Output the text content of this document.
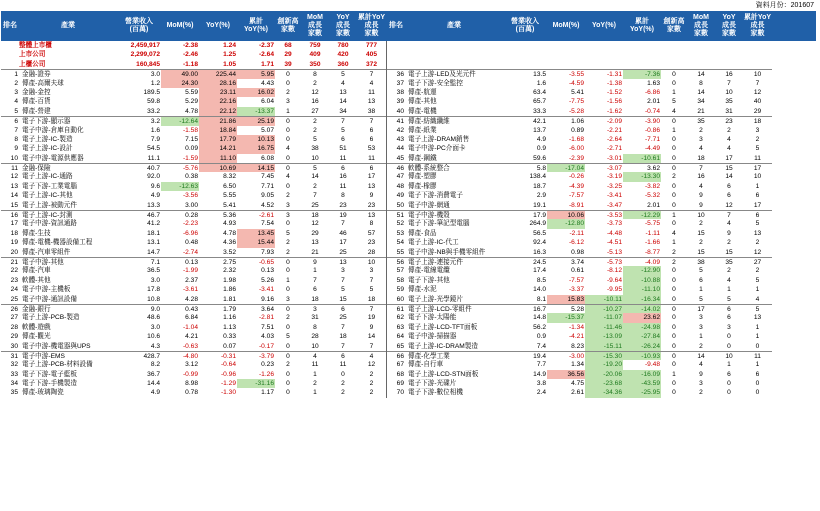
資料月份：201607
排名	產業
營業收入
(百萬)
MoM(%)	YoY(%)
累計
YoY(%)
創新高
家數
MoM
成長
家數
YoY
成長
家數
累計YoY
成長
家數
排名	產業
營業收入
(百萬)
MoM(%)	YoY(%)
累計
YoY(%)
創新高
家數
MoM
成長
家數
YoY
成長
家數
累計YoY
成長
家數
整體上市櫃	2,459,917	-2.38	1.24	-2.37	68	759	780	777
上市公司	2,299,072	-2.46	1.25	-2.64	29	409	420	405
上櫃公司	160,845	-1.18	1.05	1.71	39	350	360	372
1 金融-證券	3.0	49.00	225.44	5.95	0	8	5	7
2 傳產-高爾夫球	1.2	24.30	28.16	4.43	0	2	4	4
3 金融-金控	189.5	5.59	23.11	16.02	2	12	13	11
4 傳產-百貨	59.8	5.29	22.16	6.04	3	16	14	13
5 傳產-營建	33.2	4.78	22.12	-13.37	1	27	34	38
6 電子下游-顯示器	3.2	-12.64	21.86	25.19	0	2	7	7
7 電子中游-倉庫自動化	1.6	-1.58	18.84	5.07	0	2	5	6
8 電子上游-IC-製造	7.9	7.15	17.79	10.13	0	5	6	6
9 電子上游-IC-設計	54.5	0.09	14.21	16.75	4	38	51	53
10 電子中游-電源供應器	11.1	-1.59	11.10	6.08	0	10	11	11
11 金融-保險	40.7	-5.76	10.69	14.15	0	5	6	6
12 電子上游-IC-通路	92.0	0.38	8.32	7.45	4	14	16	17
13 電子下游-工業電腦	9.6	-12.63	6.50	7.71	0	2	11	13
14 電子上游-IC-其他	4.9	-3.56	5.55	9.05	2	7	8	9
15 電子上游-被動元件	13.3	3.00	5.41	4.52	3	25	23	23
16 電子上游-IC-封測	46.7	0.28	5.36	-2.61	3	18	19	13
17 電子中游-資訊通路	41.2	-2.23	4.93	7.54	0	12	7	8
18 傳產-生技	18.1	-6.96	4.78	13.45	5	29	46	57
19 傳產-電機-機器設備工程	13.1	0.48	4.36	15.44	2	13	17	23
20 傳產-汽車零組件	14.7	-2.74	3.52	7.93	2	21	25	28
21 電子中游-其他	7.1	0.13	2.75	-0.65	0	9	13	10
22 傳產-汽車	36.5	-1.99	2.32	0.13	0	1	3	3
23 軟體-其他	3.0	2.37	1.98	5.26	1	7	7	7
24 電子中游-主機板	17.8	-3.61	1.86	-3.41	0	6	5	5
25 電子中游-通訊設備	10.8	4.28	1.81	9.16	3	18	15	18
26 金融-銀行	9.0	0.43	1.79	3.64	0	3	6	7
27 電子上游-PCB-製造	48.6	6.84	1.16	-2.81	2	31	25	19
28 軟體-遊戲	3.0	-1.04	1.13	7.51	0	8	7	9
29 傳產-觀光	10.6	4.21	0.33	4.03	5	28	18	14
30 電子中游-機電器與UPS	4.3	-0.63	0.07	-0.17	0	10	7	7
31 電子中游-EMS	428.7	-4.80	-0.31	-3.79	0	4	6	4
32 電子上游-PCB-材料設備	8.2	3.12	-0.64	0.23	2	11	11	12
33 電子下游-電子藍板	36.7	-0.99	-0.96	-1.26	0	1	0	2
34 電子下游-手機製造	14.4	8.98	-1.29	-31.16	0	2	2	2
35 傳產-玻璃陶瓷	4.9	0.78	-1.30	1.17	0	1	2	2
36 電子上游-LED及光元件	13.5	-3.55	-1.31	-7.36	0	14	16	10
37 電子下游-安全監控	1.6	-4.59	-1.38	1.63	0	8	7	7
38 傳產-航運	63.4	5.41	-1.52	-6.86	1	14	10	12
39 傳產-其他	65.7	-7.75	-1.56	2.01	5	34	35	40
40 傳產-電機	33.3	-5.28	-1.62	-0.74	4	21	31	29
41 傳產-紡織纖維	42.1	1.06	-2.09	-3.90	0	35	23	18
42 傳產-紙業	13.7	0.89	-2.21	-0.86	1	2	2	3
43 電子上游-DRAM銷售	4.9	-1.68	-2.64	-7.71	0	3	4	2
44 電子中游-PC介面卡	0.9	-6.00	-2.71	-4.49	0	4	4	5
45 傳產-鋼鐵	59.6	-2.39	-3.01	-10.61	0	18	17	11
46 軟體-系統整合	5.8	-17.04	-3.07	3.62	0	7	15	17
47 傳產-塑膠	138.4	-0.26	-3.19	-13.30	2	16	14	10
48 傳產-橡膠	18.7	-4.39	-3.25	-3.82	0	4	6	1
49 電子下游-消費電子	2.9	-7.57	-3.41	-5.32	0	9	6	6
50 電子中游-網通	19.1	-8.91	-3.47	2.01	0	9	12	17
51 電子中游-機殼	17.9	10.06	-3.53	-12.29	1	10	7	6
52 電子下游-筆記型電腦	264.9	-12.80	-3.73	-5.75	0	2	4	5
53 傳產-食品	56.5	-2.11	-4.48	-1.11	4	15	9	13
54 電子上游-IC-代工	92.4	-6.12	-4.51	-1.66	1	2	2	2
55 電子中游-NB與手機零組件	16.3	0.98	-5.13	-8.77	2	15	15	12
56 電子上游-連接元件	24.5	3.74	-5.73	-4.09	2	38	35	27
57 傳產-電線電纜	17.4	0.61	-8.12	-12.90	0	5	2	2
58 電子下游-其他	8.5	-7.57	-9.64	-10.88	0	6	4	5
59 傳產-水泥	14.0	-3.37	-9.95	-11.10	0	1	1	1
60 電子上游-光學鏡片	8.1	15.83	-10.11	-16.34	0	5	5	4
61 電子上游-LCD-零組件	16.7	5.28	-10.27	-14.02	0	17	6	5
62 電子下游-太陽能	14.8	-15.37	-11.07	23.62	0	3	6	13
63 電子上游-LCD-TFT面板	56.2	-1.34	-11.46	-24.98	0	3	3	1
64 電子中游-掃描器	0.9	-4.21	-13.09	-27.84	0	1	0	1
65 電子上游-IC-DRAM製造	7.4	8.23	-15.11	-26.24	0	2	0	0
66 傳產-化學工業	19.4	-3.00	-15.30	-10.93	0	14	10	11
67 傳產-自行車	7.7	1.34	-19.20	-9.48	0	4	1	1
68 電子上游-LCD-STN面板	14.9	36.56	-20.06	-16.09	1	9	6	6
69 電子下游-光碟片	3.8	4.75	-23.68	-43.59	0	3	0	0
70 電子下游-數位相機	2.4	2.61	-34.36	-25.95	0	2	0	0
